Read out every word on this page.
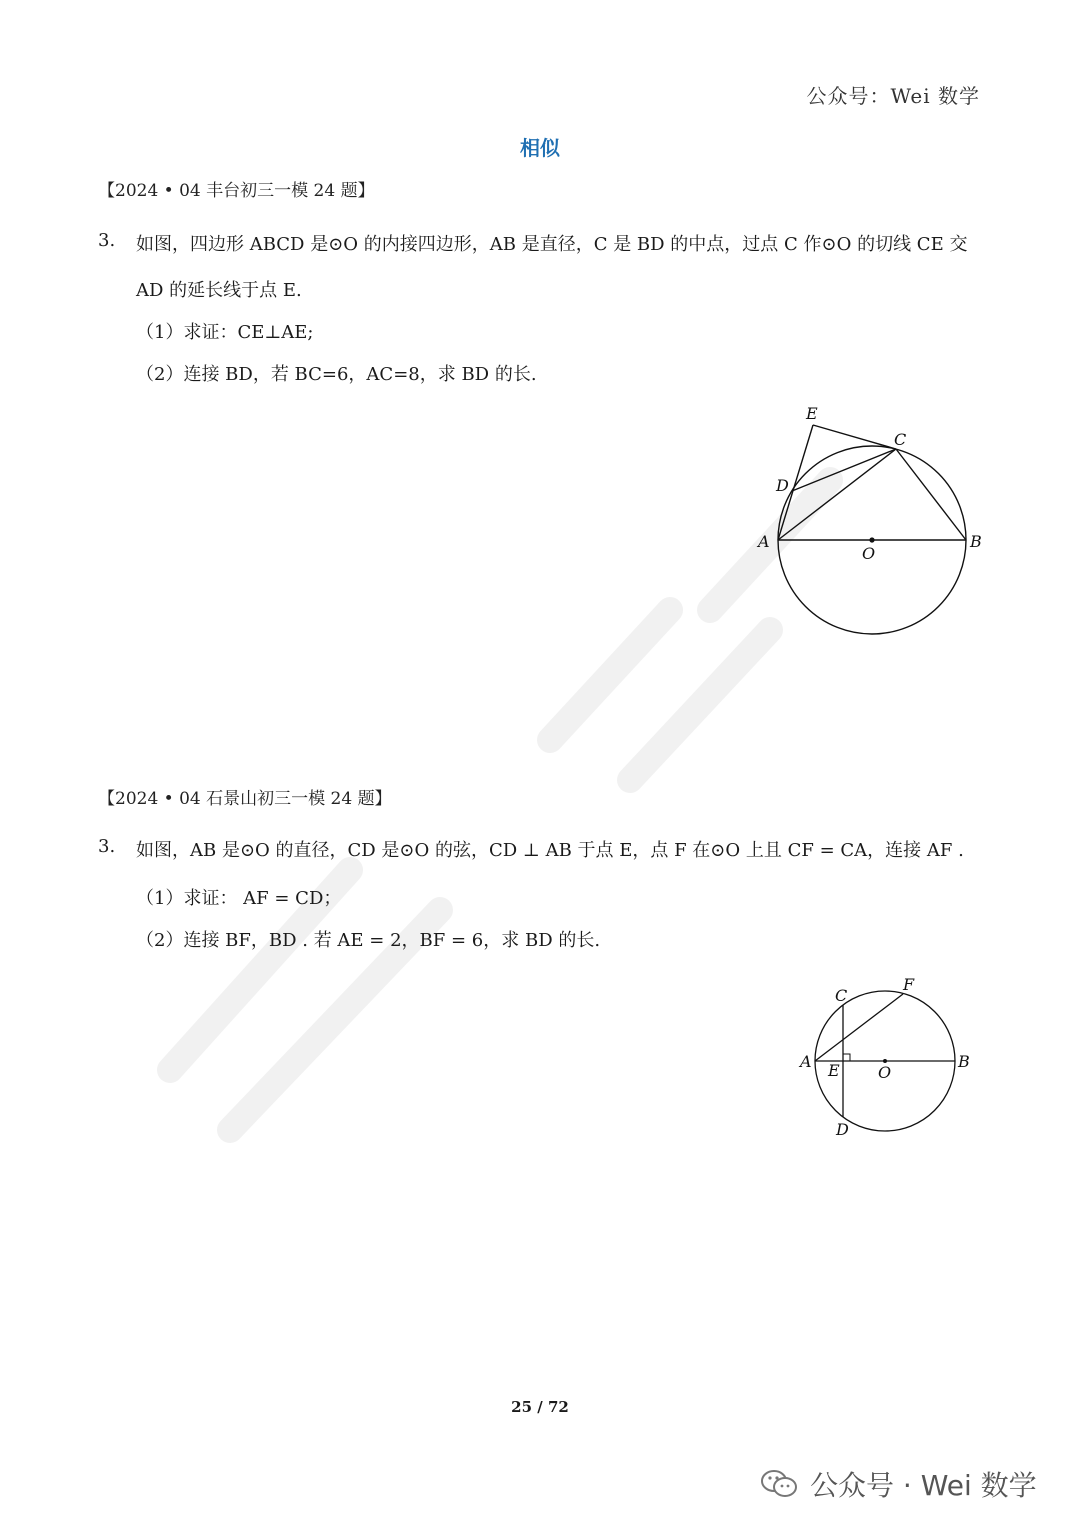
公众号：Wei 数学
相似
【2024 • 04 丰台初三一模 24 题】
3. 如图，四边形 ABCD 是⊙O 的内接四边形，AB 是直径，C 是 BD 的中点，过点 C 作⊙O 的切线 CE 交
AD 的延长线于点 E.
（1）求证：CE⊥AE;
（2）连接 BD，若 BC=6，AC=8，求 BD 的长.
E
C
D
A
O
B
【2024 • 04 石景山初三一模 24 题】
3. 如图，AB 是⊙O 的直径，CD 是⊙O 的弦，CD ⊥ AB 于点 E，点 F 在⊙O 上且 CF = CA，连接 AF .
（1）求证： AF = CD；
（2）连接 BF，BD . 若 AE = 2，BF = 6，求 BD 的长.
C
F
A E O
B
D
25 / 72
公众号 · Wei 数学
